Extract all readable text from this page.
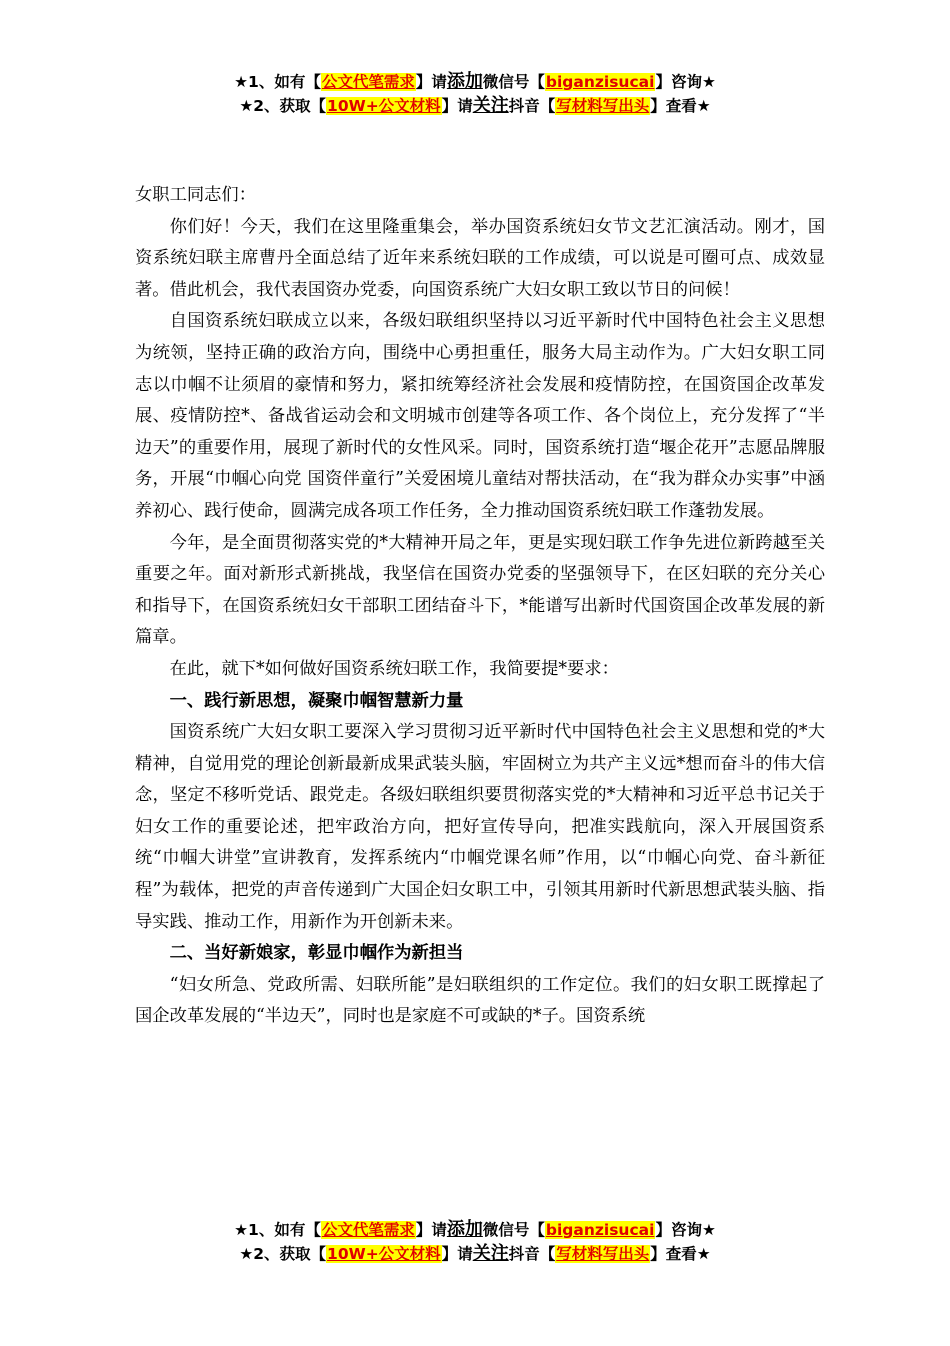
★1、如有【公文代笔需求】请添加微信号【biganzisucai】咨询★
★2、获取【10W+公文材料】请关注抖音【写材料写出头】查看★

女职工同志们：

你们好！今天，我们在这里隆重集会，举办国资系统妇女节文艺汇演活动。刚才，国资系统妇联主席曹丹全面总结了近年来系统妇联的工作成绩，可以说是可圈可点、成效显著。借此机会，我代表国资办党委，向国资系统广大妇女职工致以节日的问候！

自国资系统妇联成立以来，各级妇联组织坚持以习近平新时代中国特色社会主义思想为统领，坚持正确的政治方向，围绕中心勇担重任，服务大局主动作为。广大妇女职工同志以巾帼不让须眉的豪情和努力，紧扣统筹经济社会发展和疫情防控，在国资国企改革发展、疫情防控*、备战省运动会和文明城市创建等各项工作、各个岗位上，充分发挥了“半边天”的重要作用，展现了新时代的女性风采。同时，国资系统打造“堰企花开”志愿品牌服务，开展“巾帼心向党 国资伴童行”关爱困境儿童结对帮扶活动，在“我为群众办实事”中涵养初心、践行使命，圆满完成各项工作任务，全力推动国资系统妇联工作蓬勃发展。

今年，是全面贯彻落实党的*大精神开局之年，更是实现妇联工作争先进位新跨越至关重要之年。面对新形式新挑战，我坚信在国资办党委的坚强领导下，在区妇联的充分关心和指导下，在国资系统妇女干部职工团结奋斗下，*能谱写出新时代国资国企改革发展的新篇章。

在此，就下*如何做好国资系统妇联工作，我简要提*要求：

一、践行新思想，凝聚巾帼智慧新力量

国资系统广大妇女职工要深入学习贯彻习近平新时代中国特色社会主义思想和党的*大精神，自觉用党的理论创新最新成果武装头脑，牢固树立为共产主义远*想而奋斗的伟大信念，坚定不移听党话、跟党走。各级妇联组织要贯彻落实党的*大精神和习近平总书记关于妇女工作的重要论述，把牢政治方向，把好宣传导向，把准实践航向，深入开展国资系统“巾帼大讲堂”宣讲教育，发挥系统内“巾帼党课名师”作用，以“巾帼心向党、奋斗新征程”为载体，把党的声音传递到广大国企妇女职工中，引领其用新时代新思想武装头脑、指导实践、推动工作，用新作为开创新未来。

二、当好新娘家，彰显巾帼作为新担当

“妇女所急、党政所需、妇联所能”是妇联组织的工作定位。我们的妇女职工既撑起了国企改革发展的“半边天”，同时也是家庭不可或缺的*子。国资系统

★1、如有【公文代笔需求】请添加微信号【biganzisucai】咨询★
★2、获取【10W+公文材料】请关注抖音【写材料写出头】查看★
